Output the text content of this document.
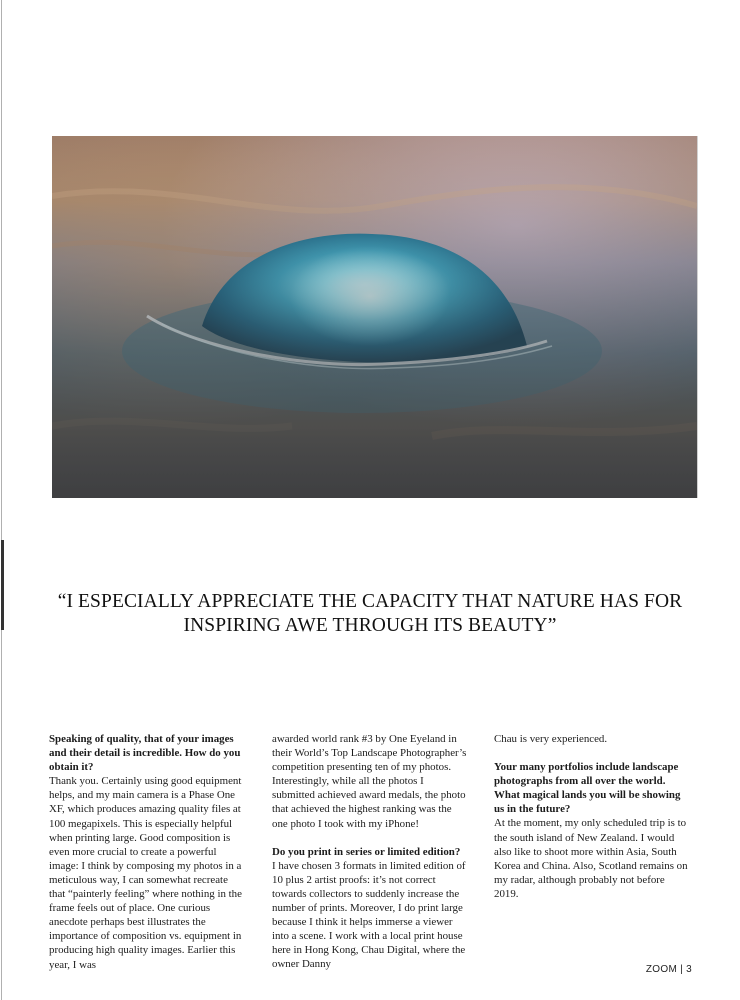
“I ESPECIALLY APPRECIATE THE CAPACITY THAT NATURE HAS FOR
INSPIRING AWE THROUGH ITS BEAUTY”

Speaking of quality, that of your images and their detail is incredible. How do you obtain it?

Thank you. Certainly using good equipment helps, and my main camera is a Phase One XF, which produces amazing quality files at 100 megapixels. This is especially helpful when printing large. Good composition is even more crucial to create a powerful image: I think by composing my photos in a meticulous way, I can somewhat recreate that “painterly feeling” where nothing in the frame feels out of place. One curious anecdote perhaps best illustrates the importance of composition vs. equipment in producing high quality images. Earlier this year, I was

awarded world rank #3 by One Eyeland in their World’s Top Landscape Photographer’s competition presenting ten of my photos. Interestingly, while all the photos I submitted achieved award medals, the photo that achieved the highest ranking was the one photo I took with my iPhone!

Do you print in series or limited edition?

I have chosen 3 formats in limited edition of 10 plus 2 artist proofs: it’s not correct towards collectors to suddenly increase the number of prints. Moreover, I do print large because I think it helps immerse a viewer into a scene. I work with a local print house here in Hong Kong, Chau Digital, where the owner Danny

Chau is very experienced.

Your many portfolios include landscape photographs from all over the world. What magical lands you will be showing us in the future?

At the moment, my only scheduled trip is to the south island of New Zealand. I would also like to shoot more within Asia, South Korea and China. Also, Scotland remains on my radar, although probably not before 2019.

ZOOM | 3
